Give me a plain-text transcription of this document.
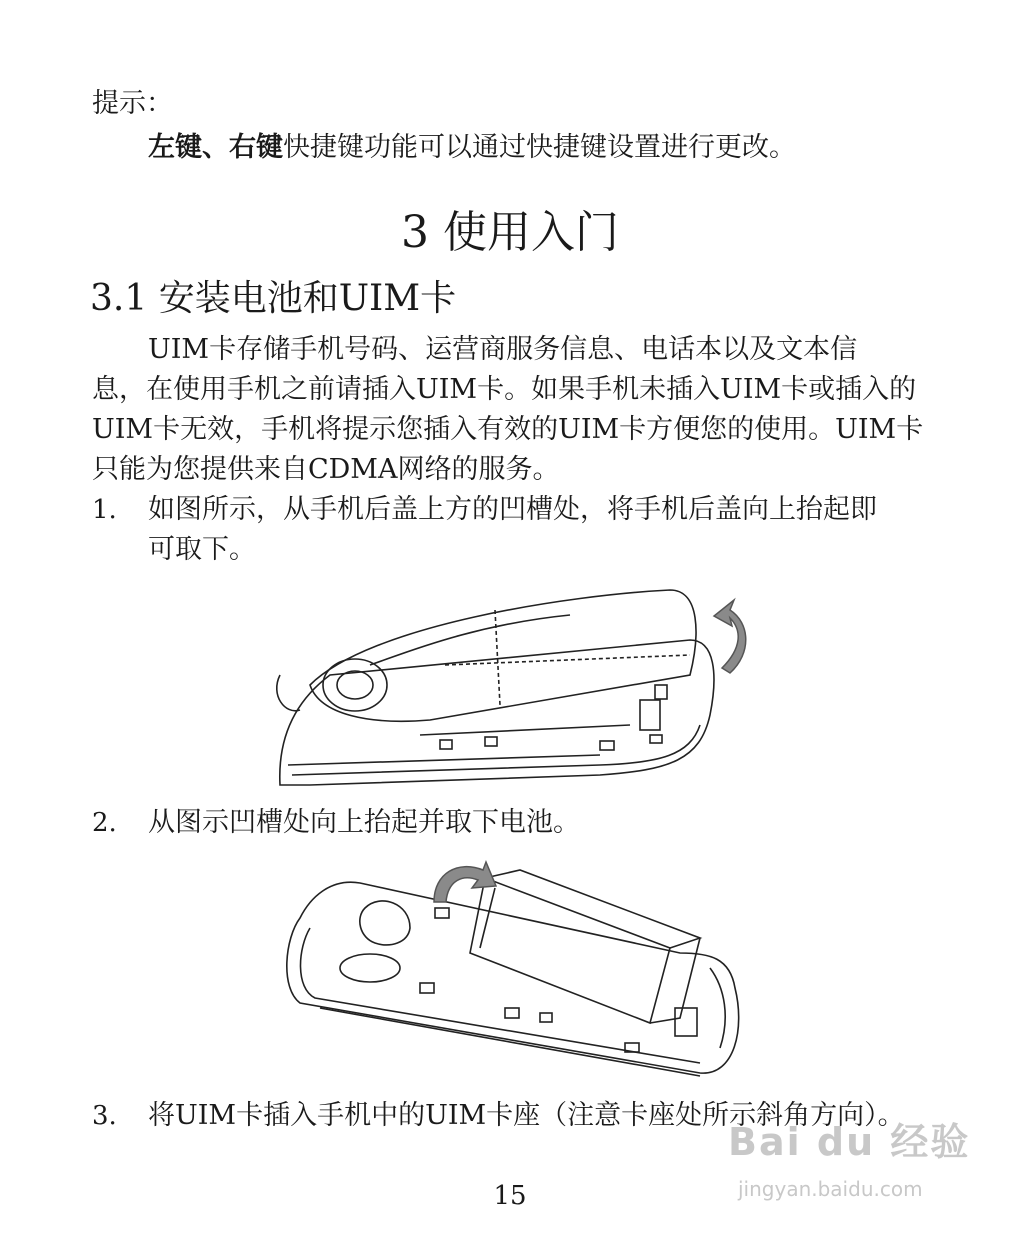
提示：
左键、右键快捷键功能可以通过快捷键设置进行更改。
3 使用入门
3.1 安装电池和UIM卡
UIM卡存储手机号码、运营商服务信息、电话本以及文本信
息，在使用手机之前请插入UIM卡。如果手机未插入UIM卡或插入的
UIM卡无效，手机将提示您插入有效的UIM卡方便您的使用。UIM卡
只能为您提供来自CDMA网络的服务。
1. 如图所示，从手机后盖上方的凹槽处，将手机后盖向上抬起即
可取下。
2. 从图示凹槽处向上抬起并取下电池。
3. 将UIM卡插入手机中的UIM卡座（注意卡座处所示斜角方向）。
15
Bai du 经验
jingyan.baidu.com
